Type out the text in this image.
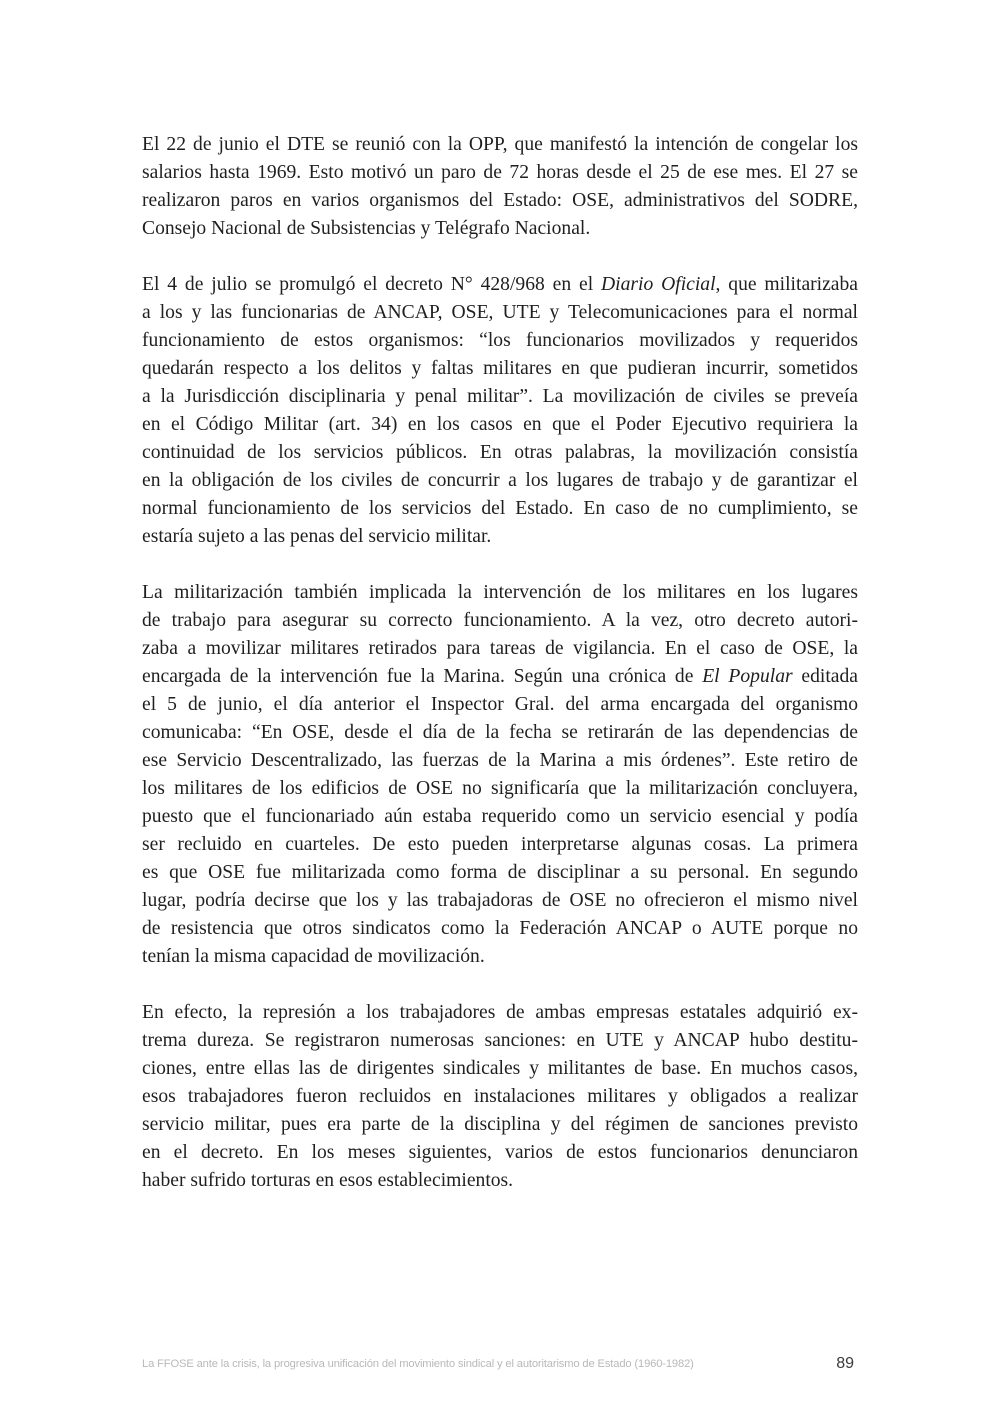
El 22 de junio el DTE se reunió con la OPP, que manifestó la intención de congelar los
salarios hasta 1969. Esto motivó un paro de 72 horas desde el 25 de ese mes. El 27 se
realizaron paros en varios organismos del Estado: OSE, administrativos del SODRE,
Consejo Nacional de Subsistencias y Telégrafo Nacional.

El 4 de julio se promulgó el decreto N° 428/968 en el Diario Oficial, que militarizaba
a los y las funcionarias de ANCAP, OSE, UTE y Telecomunicaciones para el normal
funcionamiento de estos organismos: “los funcionarios movilizados y requeridos
quedarán respecto a los delitos y faltas militares en que pudieran incurrir, sometidos
a la Jurisdicción disciplinaria y penal militar”. La movilización de civiles se preveía
en el Código Militar (art. 34) en los casos en que el Poder Ejecutivo requiriera la
continuidad de los servicios públicos. En otras palabras, la movilización consistía
en la obligación de los civiles de concurrir a los lugares de trabajo y de garantizar el
normal funcionamiento de los servicios del Estado. En caso de no cumplimiento, se
estaría sujeto a las penas del servicio militar.

La militarización también implicada la intervención de los militares en los lugares
de trabajo para asegurar su correcto funcionamiento. A la vez, otro decreto autori-
zaba a movilizar militares retirados para tareas de vigilancia. En el caso de OSE, la
encargada de la intervención fue la Marina. Según una crónica de El Popular editada
el 5 de junio, el día anterior el Inspector Gral. del arma encargada del organismo
comunicaba: “En OSE, desde el día de la fecha se retirarán de las dependencias de
ese Servicio Descentralizado, las fuerzas de la Marina a mis órdenes”. Este retiro de
los militares de los edificios de OSE no significaría que la militarización concluyera,
puesto que el funcionariado aún estaba requerido como un servicio esencial y podía
ser recluido en cuarteles. De esto pueden interpretarse algunas cosas. La primera
es que OSE fue militarizada como forma de disciplinar a su personal. En segundo
lugar, podría decirse que los y las trabajadoras de OSE no ofrecieron el mismo nivel
de resistencia que otros sindicatos como la Federación ANCAP o AUTE porque no
tenían la misma capacidad de movilización.

En efecto, la represión a los trabajadores de ambas empresas estatales adquirió ex-
trema dureza. Se registraron numerosas sanciones: en UTE y ANCAP hubo destitu-
ciones, entre ellas las de dirigentes sindicales y militantes de base. En muchos casos,
esos trabajadores fueron recluidos en instalaciones militares y obligados a realizar
servicio militar, pues era parte de la disciplina y del régimen de sanciones previsto
en el decreto. En los meses siguientes, varios de estos funcionarios denunciaron
haber sufrido torturas en esos establecimientos.

La FFOSE ante la crisis, la progresiva unificación del movimiento sindical y el autoritarismo de Estado (1960-1982)	89
